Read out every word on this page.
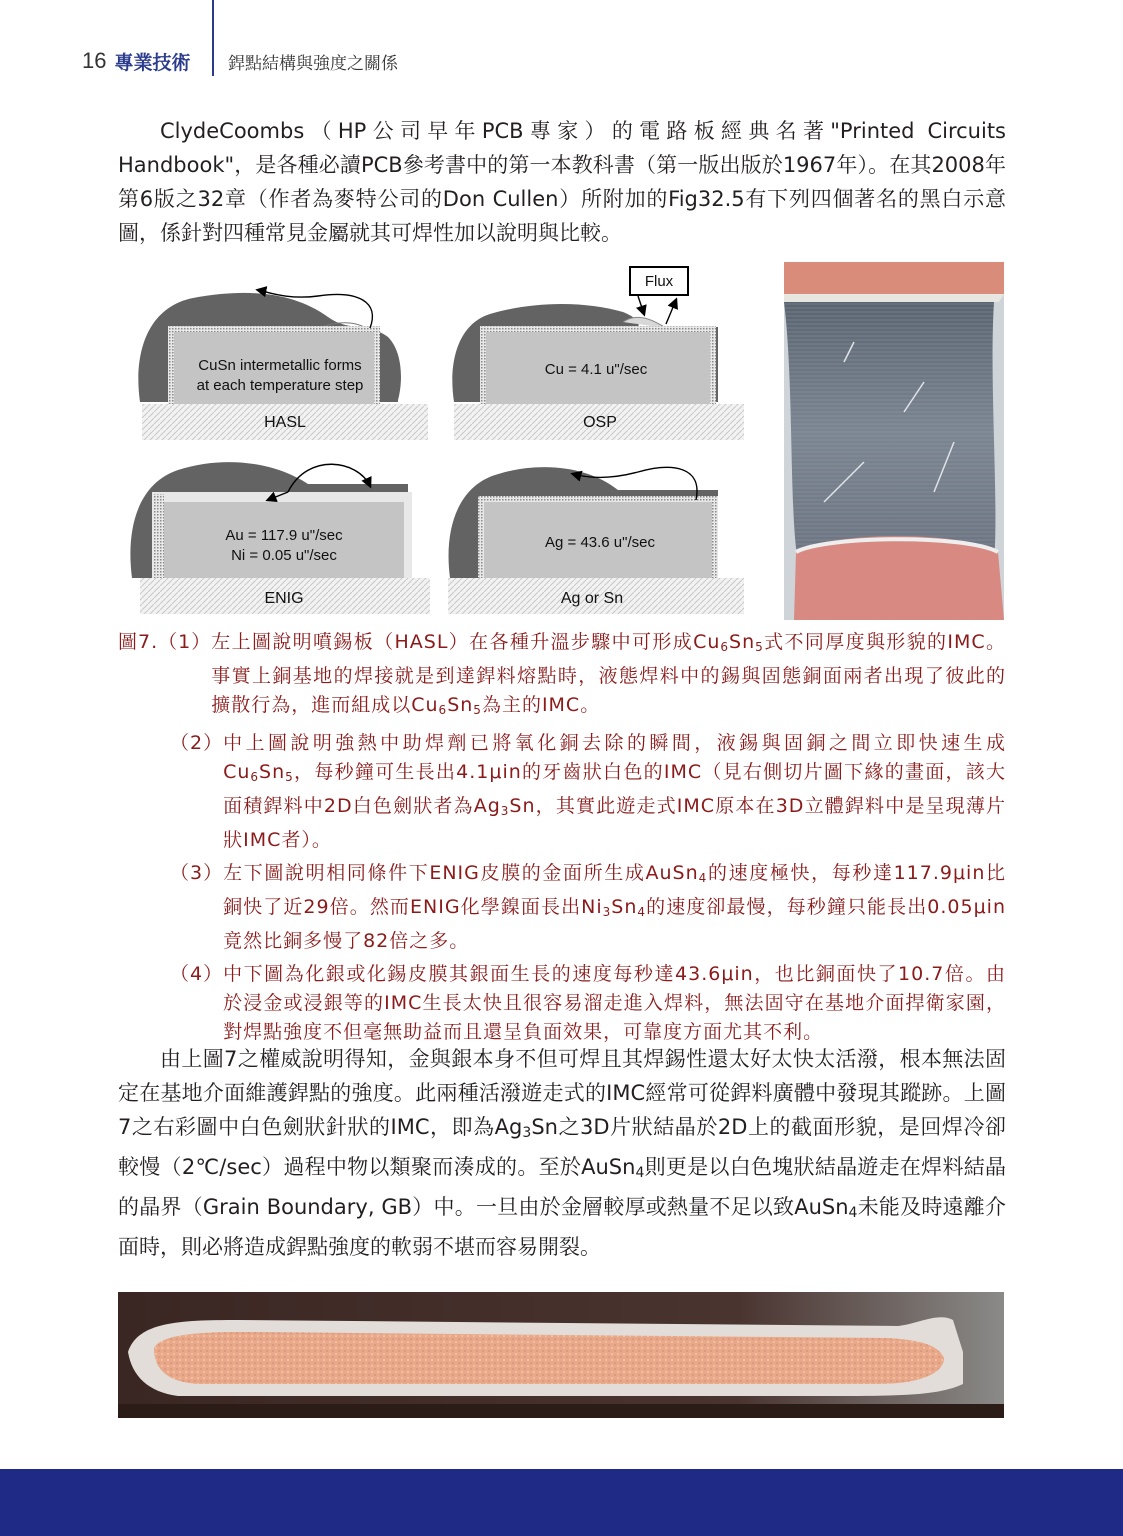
16 專業技術 銲點結構與強度之關係

ClydeCoombs（HP公司早年PCB專家）的電路板經典名著"Printed Circuits Handbook"，是各種必讀PCB參考書中的第一本教科書（第一版出版於1967年）。在其2008年第6版之32章（作者為麥特公司的Don Cullen）所附加的Fig32.5有下列四個著名的黑白示意圖，係針對四種常見金屬就其可焊性加以說明與比較。

CuSn intermetallic forms
at each temperature step
HASL
Flux
Cu = 4.1 u"/sec
OSP
Au = 117.9 u"/sec
Ni = 0.05 u"/sec
ENIG
Ag = 43.6 u"/sec
Ag or Sn
圖7.（1） 左上圖說明噴錫板（HASL）在各種升溫步驟中可形成$Cu_6Sn_5$式不同厚度與形貌的IMC。事實上銅基地的焊接就是到達銲料熔點時，液態焊料中的錫與固態銅面兩者出現了彼此的擴散行為，進而組成以$Cu_6Sn_5$為主的IMC。
（2） 中上圖說明強熱中助焊劑已將氧化銅去除的瞬間，液錫與固銅之間立即快速生成$Cu_6Sn_5$，每秒鐘可生長出4.1μin的牙齒狀白色的IMC（見右側切片圖下緣的畫面，該大面積銲料中2D白色劍狀者為$Ag_3Sn$，其實此遊走式IMC原本在3D立體銲料中是呈現薄片狀IMC者）。
（3） 左下圖說明相同條件下ENIG皮膜的金面所生成AuSn$_4$的速度極快，每秒達117.9μin比銅快了近29倍。然而ENIG化學鎳面長出$Ni_3Sn_4$的速度卻最慢，每秒鐘只能長出0.05μin竟然比銅多慢了82倍之多。
（4） 中下圖為化銀或化錫皮膜其銀面生長的速度每秒達43.6μin，也比銅面快了10.7倍。由於浸金或浸銀等的IMC生長太快且很容易溜走進入焊料，無法固守在基地介面捍衛家園，對焊點強度不但毫無助益而且還呈負面效果，可靠度方面尤其不利。

由上圖7之權威說明得知，金與銀本身不但可焊且其焊錫性還太好太快太活潑，根本無法固定在基地介面維護銲點的強度。此兩種活潑遊走式的IMC經常可從銲料廣體中發現其蹤跡。上圖7之右彩圖中白色劍狀針狀的IMC，即為$Ag_3Sn$之3D片狀結晶於2D上的截面形貌，是回焊冷卻較慢（2℃/sec）過程中物以類聚而湊成的。至於AuSn$_4$則更是以白色塊狀結晶遊走在焊料結晶的晶界（Grain Boundary, GB）中。一旦由於金層較厚或熱量不足以致AuSn$_4$未能及時遠離介面時，則必將造成銲點強度的軟弱不堪而容易開裂。
